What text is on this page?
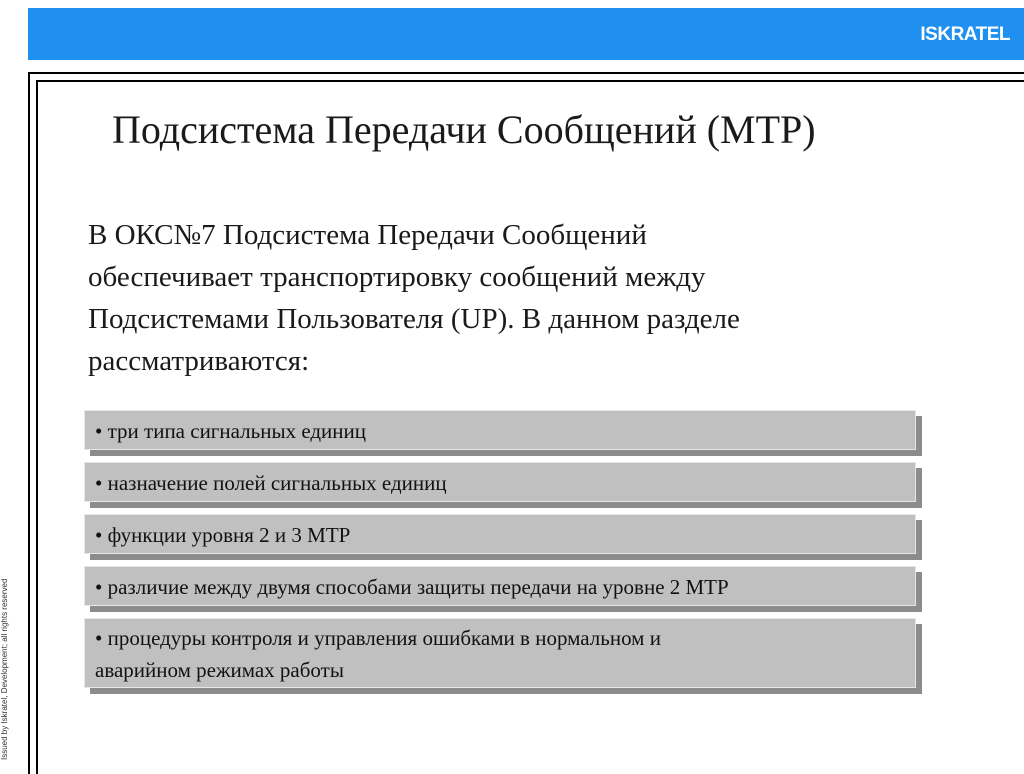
ISKRATEL
Issued by Iskratel, Development; all rights reserved
Подсистема Передачи Сообщений (МТР)
В ОКС№7 Подсистема Передачи Сообщений
обеспечивает транспортировку сообщений между
Подсистемами Пользователя (UP). В данном разделе
рассматриваются:
• три типа сигнальных единиц
• назначение полей сигнальных единиц
• функции уровня 2 и 3 МТР
• различие между двумя способами защиты передачи на уровне 2 МТР
• процедуры контроля и управления ошибками в нормальном и
аварийном режимах работы
